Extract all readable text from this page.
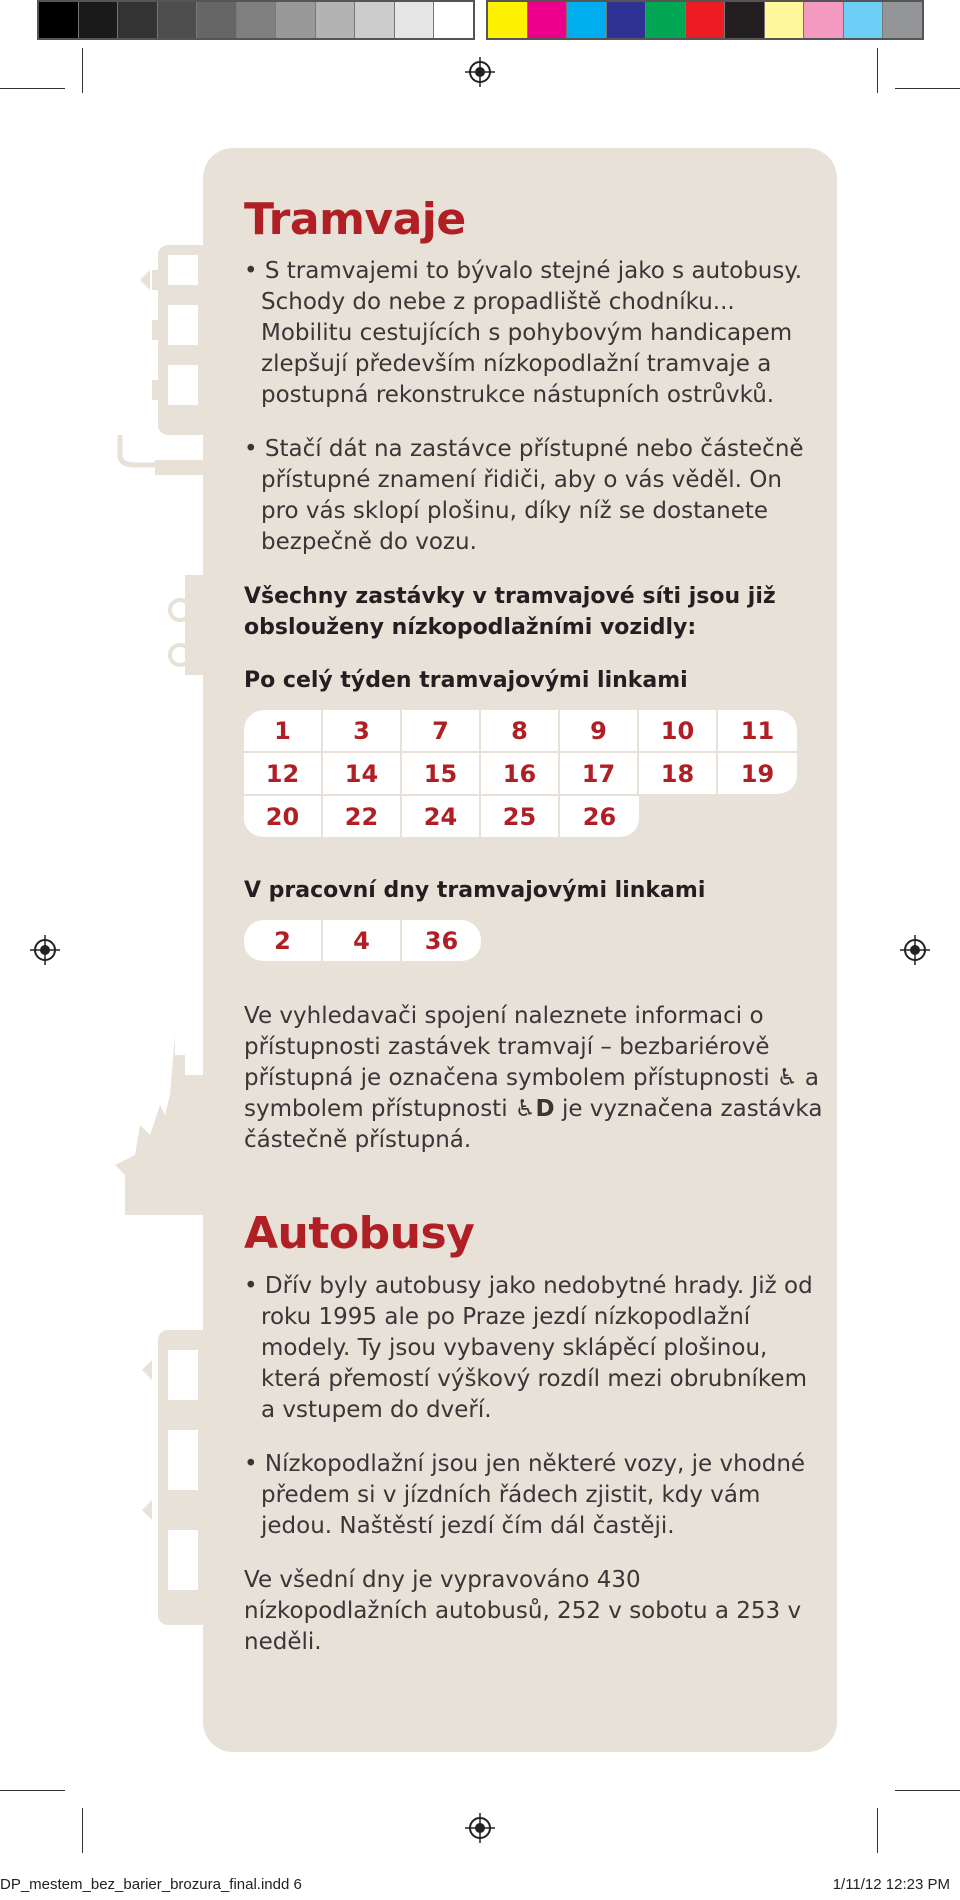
Tramvaje

• S tramvajemi to bývalo stejné jako s autobusy. Schody do nebe z propadliště chodníku... Mobilitu cestujících s pohybovým handicapem zlepšují především nízkopodlažní tramvaje a postupná rekonstrukce nástupních ostrůvků.

• Stačí dát na zastávce přístupné nebo částečně přístupné znamení řidiči, aby o vás věděl. On pro vás sklopí plošinu, díky níž se dostanete bezpečně do vozu.

Všechny zastávky v tramvajové síti jsou již obslouženy nízkopodlažními vozidly:

Po celý týden tramvajovými linkami

1	3	7	8	9	10	11
12	14	15	16	17	18	19
20	22	24	25	26

V pracovní dny tramvajovými linkami

2	4	36

Ve vyhledavači spojení naleznete informaci o přístupnosti zastávek tramvají – bezbariérově přístupná je označena symbolem přístupnosti ♿ a symbolem přístupnosti ♿D je vyznačena zastávka částečně přístupná.

Autobusy

• Dřív byly autobusy jako nedobytné hrady. Již od roku 1995 ale po Praze jezdí nízkopodlažní modely. Ty jsou vybaveny sklápěcí plošinou, která přemostí výškový rozdíl mezi obrubníkem a vstupem do dveří.

• Nízkopodlažní jsou jen některé vozy, je vhodné předem si v jízdních řádech zjistit, kdy vám jedou. Naštěstí jezdí čím dál častěji.

Ve všední dny je vypravováno 430 nízkopodlažních autobusů, 252 v sobotu a 253 v neděli.

DP_mestem_bez_barier_brozura_final.indd 6	1/11/12 12:23 PM
